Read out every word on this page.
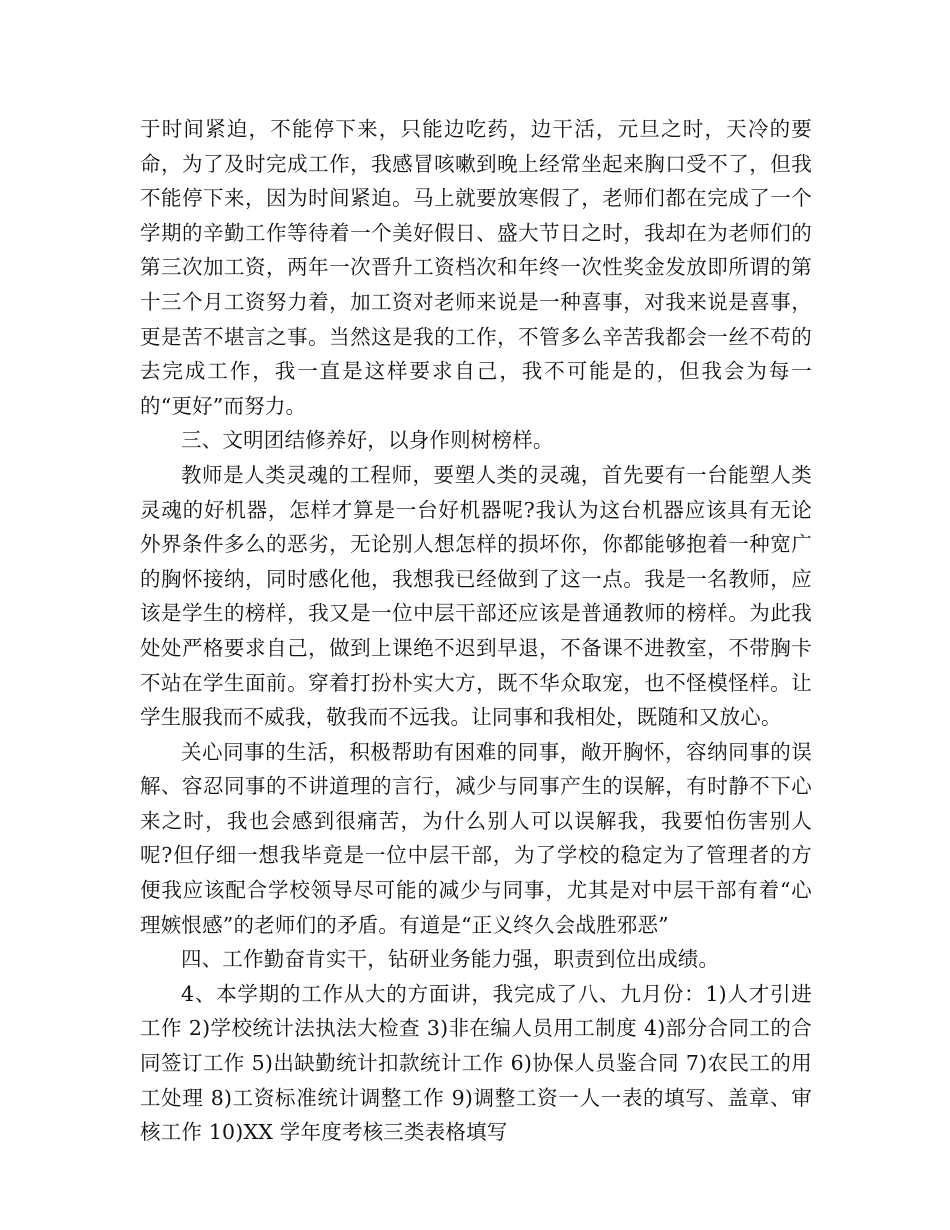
于时间紧迫，不能停下来，只能边吃药，边干活，元旦之时，天冷的要命，为了及时完成工作，我感冒咳嗽到晚上经常坐起来胸口受不了，但我不能停下来，因为时间紧迫。马上就要放寒假了，老师们都在完成了一个学期的辛勤工作等待着一个美好假日、盛大节日之时，我却在为老师们的第三次加工资，两年一次晋升工资档次和年终一次性奖金发放即所谓的第十三个月工资努力着，加工资对老师来说是一种喜事，对我来说是喜事，更是苦不堪言之事。当然这是我的工作，不管多么辛苦我都会一丝不苟的去完成工作，我一直是这样要求自己，我不可能是的，但我会为每一的“更好”而努力。

三、文明团结修养好，以身作则树榜样。

教师是人类灵魂的工程师，要塑人类的灵魂，首先要有一台能塑人类灵魂的好机器，怎样才算是一台好机器呢?我认为这台机器应该具有无论外界条件多么的恶劣，无论别人想怎样的损坏你，你都能够抱着一种宽广的胸怀接纳，同时感化他，我想我已经做到了这一点。我是一名教师，应该是学生的榜样，我又是一位中层干部还应该是普通教师的榜样。为此我处处严格要求自己，做到上课绝不迟到早退，不备课不进教室，不带胸卡不站在学生面前。穿着打扮朴实大方，既不华众取宠，也不怪模怪样。让学生服我而不威我，敬我而不远我。让同事和我相处，既随和又放心。

关心同事的生活，积极帮助有困难的同事，敞开胸怀，容纳同事的误解、容忍同事的不讲道理的言行，减少与同事产生的误解，有时静不下心来之时，我也会感到很痛苦，为什么别人可以误解我，我要怕伤害别人呢?但仔细一想我毕竟是一位中层干部，为了学校的稳定为了管理者的方便我应该配合学校领导尽可能的减少与同事，尤其是对中层干部有着“心理嫉恨感”的老师们的矛盾。有道是“正义终久会战胜邪恶”

四、工作勤奋肯实干，钻研业务能力强，职责到位出成绩。

4、本学期的工作从大的方面讲，我完成了八、九月份：1)人才引进工作 2)学校统计法执法大检查 3)非在编人员用工制度 4)部分合同工的合同签订工作 5)出缺勤统计扣款统计工作 6)协保人员鉴合同 7)农民工的用工处理 8)工资标准统计调整工作 9)调整工资一人一表的填写、盖章、审核工作 10)XX 学年度考核三类表格填写
